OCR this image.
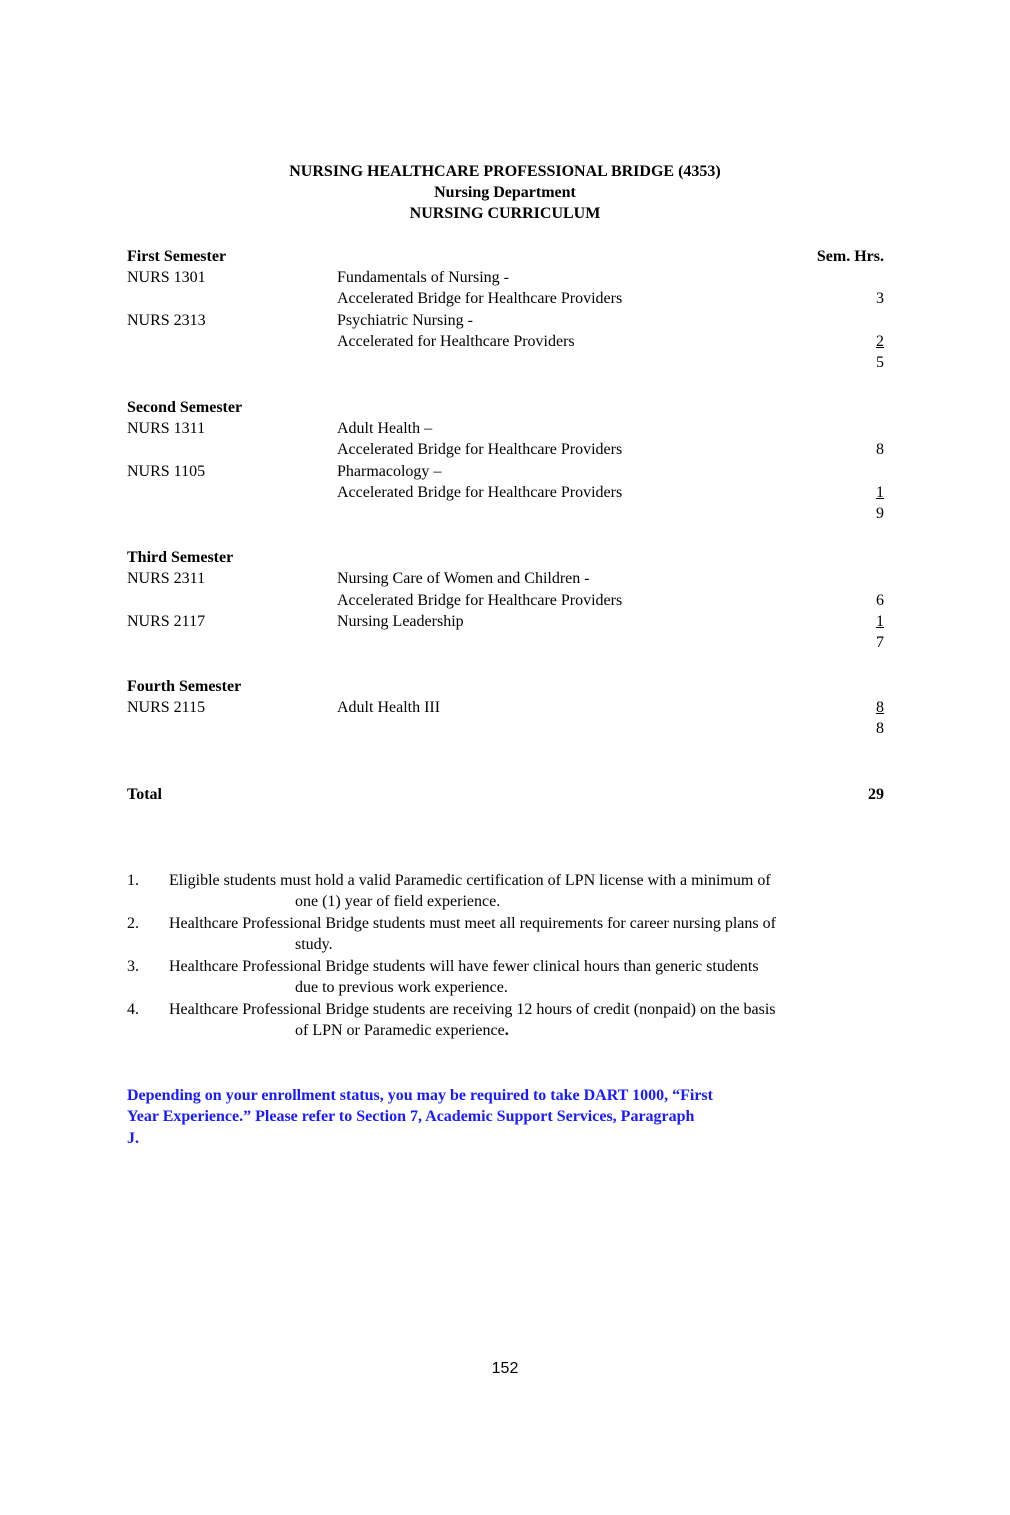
NURSING HEALTHCARE PROFESSIONAL BRIDGE (4353)
Nursing Department
NURSING CURRICULUM
First Semester	Sem. Hrs.
NURS 1301	Fundamentals of Nursing -
Accelerated Bridge for Healthcare Providers	3
NURS 2313	Psychiatric Nursing -
Accelerated for Healthcare Providers	2
5
Second Semester
NURS 1311	Adult Health –
Accelerated Bridge for Healthcare Providers	8
NURS 1105	Pharmacology –
Accelerated Bridge for Healthcare Providers	1
9
Third Semester
NURS 2311	Nursing Care of Women and Children -
Accelerated Bridge for Healthcare Providers	6
NURS 2117	Nursing Leadership	1
7
Fourth Semester
NURS 2115	Adult Health III	8
8
Total	29
1. Eligible students must hold a valid Paramedic certification of LPN license with a minimum of
one (1) year of field experience.
2. Healthcare Professional Bridge students must meet all requirements for career nursing plans of
study.
3. Healthcare Professional Bridge students will have fewer clinical hours than generic students
due to previous work experience.
4. Healthcare Professional Bridge students are receiving 12 hours of credit (nonpaid) on the basis
of LPN or Paramedic experience.
Depending on your enrollment status, you may be required to take DART 1000, “First
Year Experience.” Please refer to Section 7, Academic Support Services, Paragraph
J.
152
